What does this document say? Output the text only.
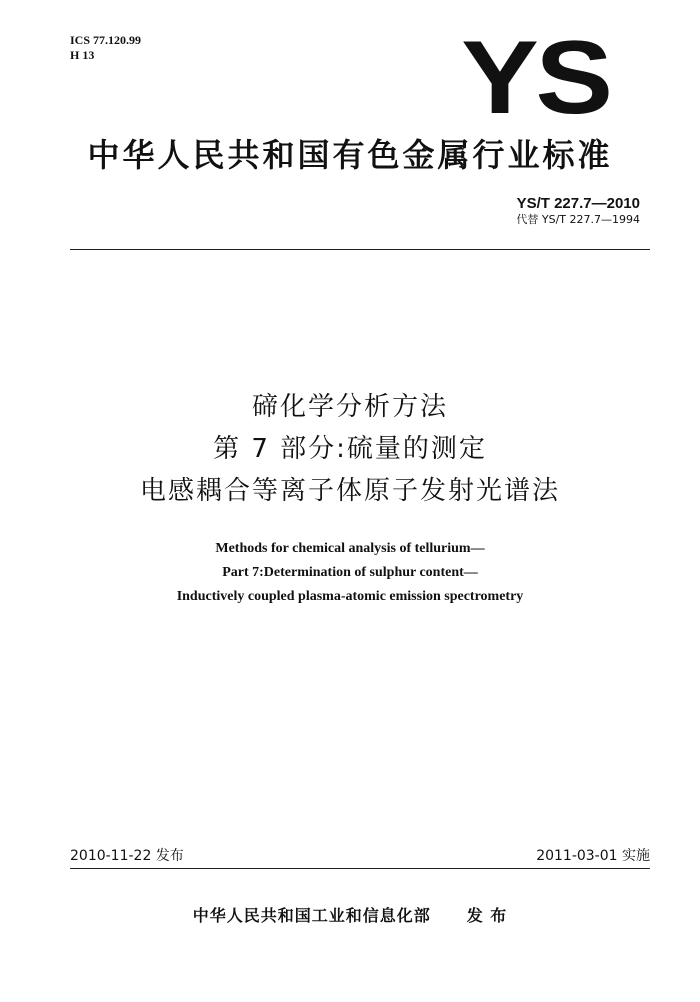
ICS 77.120.99
H 13	YS
中华人民共和国有色金属行业标准
YS/T 227.7—2010
代替 YS/T 227.7—1994
碲化学分析方法
第 7 部分:硫量的测定
电感耦合等离子体原子发射光谱法
Methods for chemical analysis of tellurium—
Part 7:Determination of sulphur content—
Inductively coupled plasma-atomic emission spectrometry
2010-11-22 发布	2011-03-01 实施
中华人民共和国工业和信息化部 发 布
